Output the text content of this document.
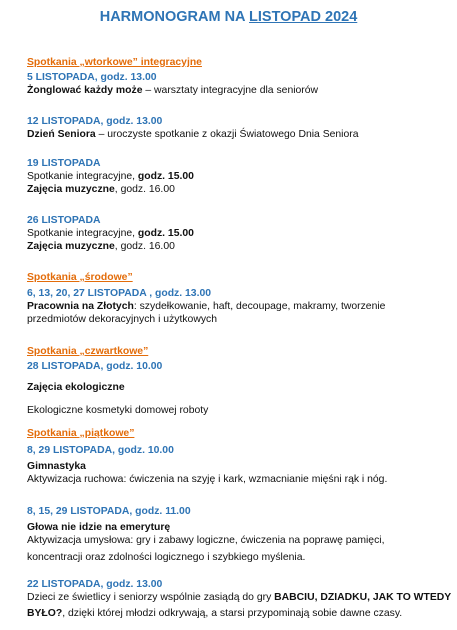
HARMONOGRAM NA LISTOPAD 2024
Spotkania „wtorkowe” integracyjne
5 LISTOPADA, godz. 13.00
Żonglować każdy może – warsztaty integracyjne dla seniorów
12 LISTOPADA, godz. 13.00
Dzień Seniora – uroczyste spotkanie z okazji Światowego Dnia Seniora
19 LISTOPADA
Spotkanie integracyjne, godz. 15.00
Zajęcia muzyczne, godz. 16.00
26 LISTOPADA
Spotkanie integracyjne, godz. 15.00
Zajęcia muzyczne, godz. 16.00
Spotkania „środowe”
6, 13, 20, 27 LISTOPADA , godz. 13.00
Pracownia na Złotych: szydełkowanie, haft, decoupage, makramy, tworzenie
przedmiotów dekoracyjnych i użytkowych
Spotkania „czwartkowe”
28 LISTOPADA, godz. 10.00
Zajęcia ekologiczne
Ekologiczne kosmetyki domowej roboty
Spotkania „piątkowe”
8, 29 LISTOPADA, godz. 10.00
Gimnastyka
Aktywizacja ruchowa: ćwiczenia na szyję i kark, wzmacnianie mięśni rąk i nóg.
8, 15, 29 LISTOPADA, godz. 11.00
Głowa nie idzie na emeryturę
Aktywizacja umysłowa: gry i zabawy logiczne, ćwiczenia na poprawę pamięci,
koncentracji oraz zdolności logicznego i szybkiego myślenia.
22 LISTOPADA, godz. 13.00
Dzieci ze świetlicy i seniorzy wspólnie zasiądą do gry BABCIU, DZIADKU, JAK TO WTEDY
BYŁO?, dzięki której młodzi odkrywają, a starsi przypominają sobie dawne czasy.
